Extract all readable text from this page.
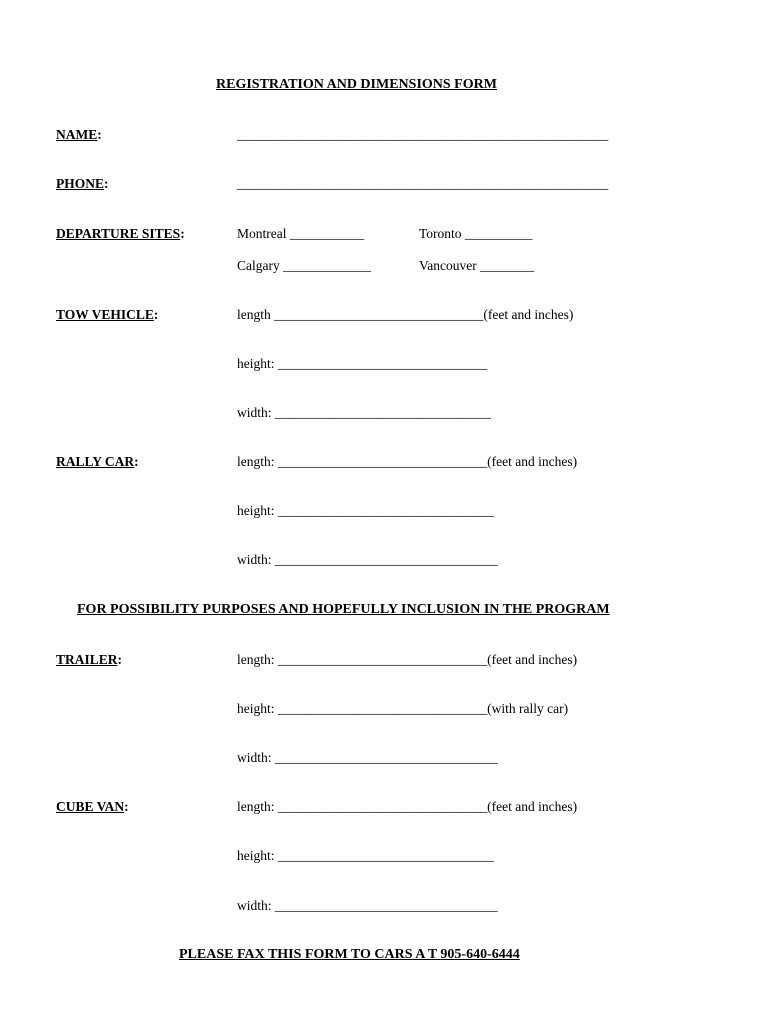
REGISTRATION AND DIMENSIONS FORM
NAME:	_______________________________________________________
PHONE:	_______________________________________________________
DEPARTURE SITES:	Montreal ___________	Toronto __________
Calgary _____________	Vancouver ________
TOW VEHICLE:	length _______________________________(feet and inches)
height: _______________________________
width: ________________________________
RALLY CAR:	length: _______________________________(feet and inches)
height: ________________________________
width: _________________________________
FOR POSSIBILITY PURPOSES AND HOPEFULLY INCLUSION IN THE PROGRAM
TRAILER:	length: _______________________________(feet and inches)
height: _______________________________(with rally car)
width: _________________________________
CUBE VAN:	length: _______________________________(feet and inches)
height: ________________________________
width: _________________________________
PLEASE FAX THIS FORM TO CARS A T 905-640-6444
